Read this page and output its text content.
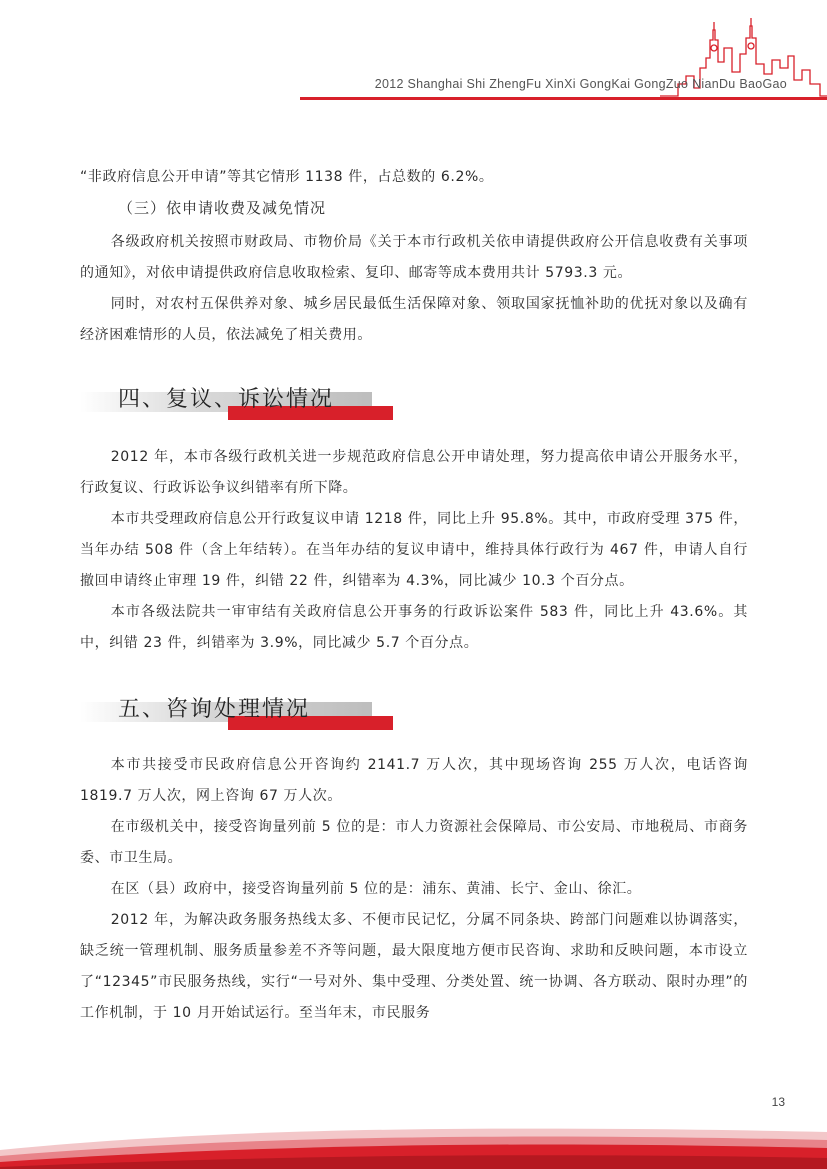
2012 Shanghai Shi ZhengFu XinXi GongKai GongZuo NianDu BaoGao

“非政府信息公开申请”等其它情形 1138 件，占总数的 6.2%。

（三）依申请收费及减免情况

各级政府机关按照市财政局、市物价局《关于本市行政机关依申请提供政府公开信息收费有关事项的通知》，对依申请提供政府信息收取检索、复印、邮寄等成本费用共计 5793.3 元。

同时，对农村五保供养对象、城乡居民最低生活保障对象、领取国家抚恤补助的优抚对象以及确有经济困难情形的人员，依法减免了相关费用。

四、复议、诉讼情况

2012 年，本市各级行政机关进一步规范政府信息公开申请处理，努力提高依申请公开服务水平，行政复议、行政诉讼争议纠错率有所下降。

本市共受理政府信息公开行政复议申请 1218 件，同比上升 95.8%。其中，市政府受理 375 件，当年办结 508 件（含上年结转）。在当年办结的复议申请中，维持具体行政行为 467 件，申请人自行撤回申请终止审理 19 件，纠错 22 件，纠错率为 4.3%，同比减少 10.3 个百分点。

本市各级法院共一审审结有关政府信息公开事务的行政诉讼案件 583 件，同比上升 43.6%。其中，纠错 23 件，纠错率为 3.9%，同比减少 5.7 个百分点。

五、咨询处理情况

本市共接受市民政府信息公开咨询约 2141.7 万人次，其中现场咨询 255 万人次，电话咨询 1819.7 万人次，网上咨询 67 万人次。

在市级机关中，接受咨询量列前 5 位的是：市人力资源社会保障局、市公安局、市地税局、市商务委、市卫生局。

在区（县）政府中，接受咨询量列前 5 位的是：浦东、黄浦、长宁、金山、徐汇。

2012 年，为解决政务服务热线太多、不便市民记忆，分属不同条块、跨部门问题难以协调落实，缺乏统一管理机制、服务质量参差不齐等问题，最大限度地方便市民咨询、求助和反映问题，本市设立了“12345”市民服务热线，实行“一号对外、集中受理、分类处置、统一协调、各方联动、限时办理”的工作机制，于 10 月开始试运行。至当年末，市民服务

13
